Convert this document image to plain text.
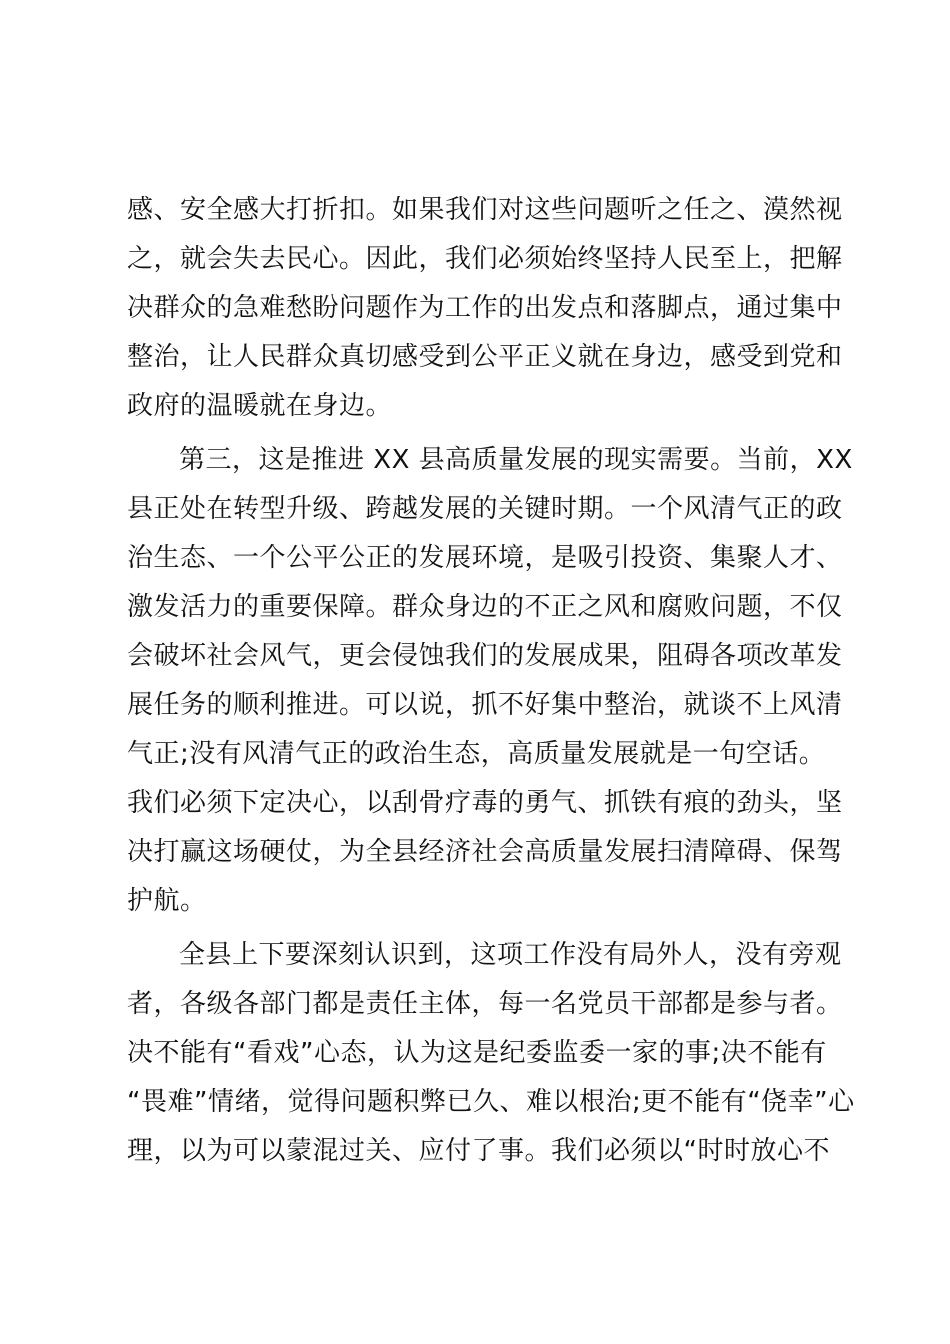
感、安全感大打折扣。如果我们对这些问题听之任之、漠然视
之，就会失去民心。因此，我们必须始终坚持人民至上，把解
决群众的急难愁盼问题作为工作的出发点和落脚点，通过集中
整治，让人民群众真切感受到公平正义就在身边，感受到党和
政府的温暖就在身边。
第三，这是推进 XX 县高质量发展的现实需要。当前，XX
县正处在转型升级、跨越发展的关键时期。一个风清气正的政
治生态、一个公平公正的发展环境，是吸引投资、集聚人才、
激发活力的重要保障。群众身边的不正之风和腐败问题，不仅
会破坏社会风气，更会侵蚀我们的发展成果，阻碍各项改革发
展任务的顺利推进。可以说，抓不好集中整治，就谈不上风清
气正;没有风清气正的政治生态，高质量发展就是一句空话。
我们必须下定决心，以刮骨疗毒的勇气、抓铁有痕的劲头，坚
决打赢这场硬仗，为全县经济社会高质量发展扫清障碍、保驾
护航。
全县上下要深刻认识到，这项工作没有局外人，没有旁观
者，各级各部门都是责任主体，每一名党员干部都是参与者。
决不能有“看戏”心态，认为这是纪委监委一家的事;决不能有
“畏难”情绪，觉得问题积弊已久、难以根治;更不能有“侥幸”心
理，以为可以蒙混过关、应付了事。我们必须以“时时放心不
